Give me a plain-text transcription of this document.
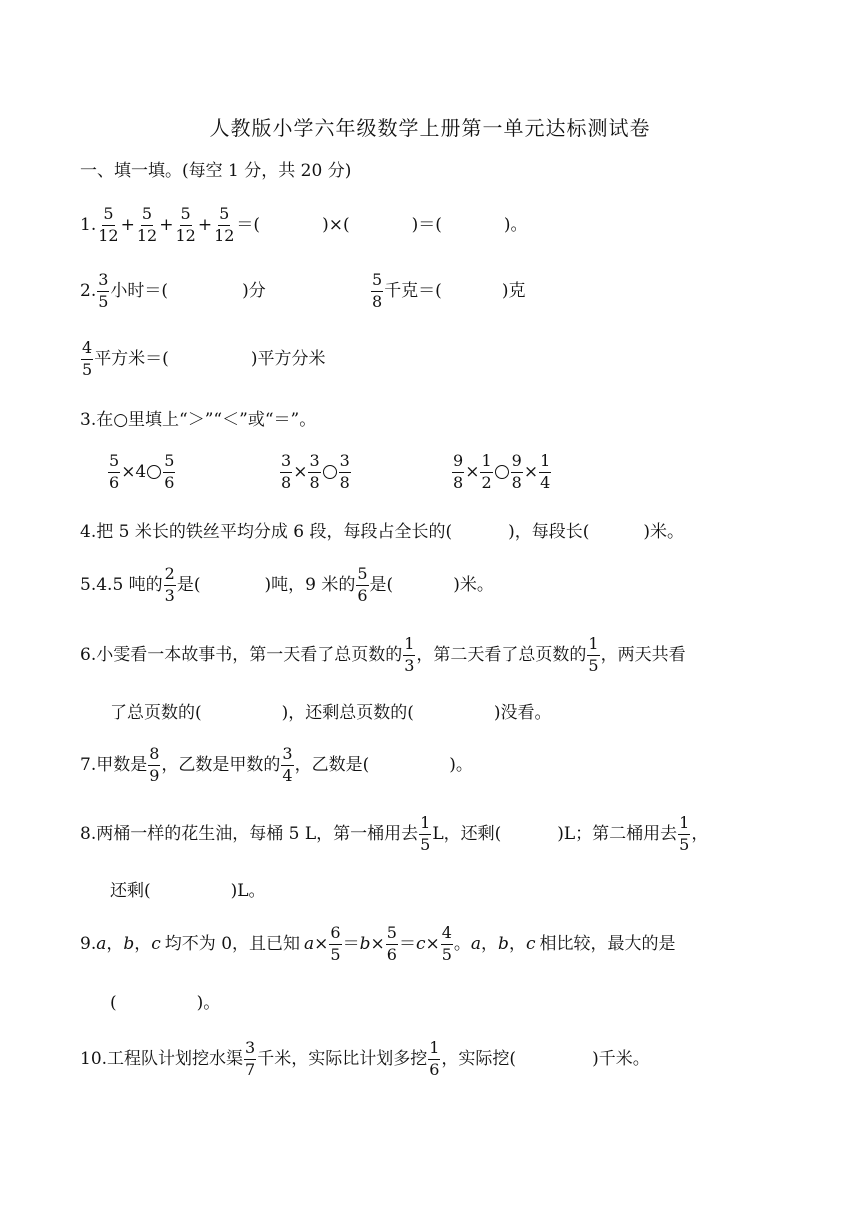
人教版小学六年级数学上册第一单元达标测试卷
一、填一填。(每空 1 分，共 20 分)
1. $\frac{5}{12} + \frac{5}{12} + \frac{5}{12} + \frac{5}{12}$ ＝(	)×(	)＝(	)。
2. $\frac{3}{5}$ 小时＝(	)分	$\frac{5}{8}$ 千克＝(	)克
$\frac{4}{5}$ 平方米＝(	)平方分米
3.在○里填上“＞”“＜”或“＝”。
$\frac{5}{6} \times 4 \frac{5}{6}$	$\frac{3}{8} \times \frac{3}{8} \frac{3}{8}$	$\frac{9}{8} \times \frac{1}{2} \frac{9}{8} \times \frac{1}{4}$
4.把 5 米长的铁丝平均分成 6 段，每段占全长的(	)，每段长(	)米。
5.4.5 吨的 $\frac{2}{3}$ 是(	)吨，9 米的 $\frac{5}{6}$ 是(	)米。
6.小雯看一本故事书，第一天看了总页数的 $\frac{1}{3}$ ，第二天看了总页数的 $\frac{1}{5}$ ，两天共看
了总页数的(	)，还剩总页数的(	)没看。
7.甲数是 $\frac{8}{9}$ ，乙数是甲数的 $\frac{3}{4}$ ，乙数是(	)。
8.两桶一样的花生油，每桶 5 L，第一桶用去 $\frac{1}{5}$ L，还剩(	)L；第二桶用去 $\frac{1}{5}$ ，
还剩(	)L。
9. a ， b ， c 均不为 0，且已知 $a \times \frac{6}{5} = b \times \frac{5}{6} = c \times \frac{4}{5}$ 。 a ， b ， c 相比较，最大的是
(	)。
10.工程队计划挖水渠 $\frac{3}{7}$ 千米，实际比计划多挖 $\frac{1}{6}$ ，实际挖(	)千米。
